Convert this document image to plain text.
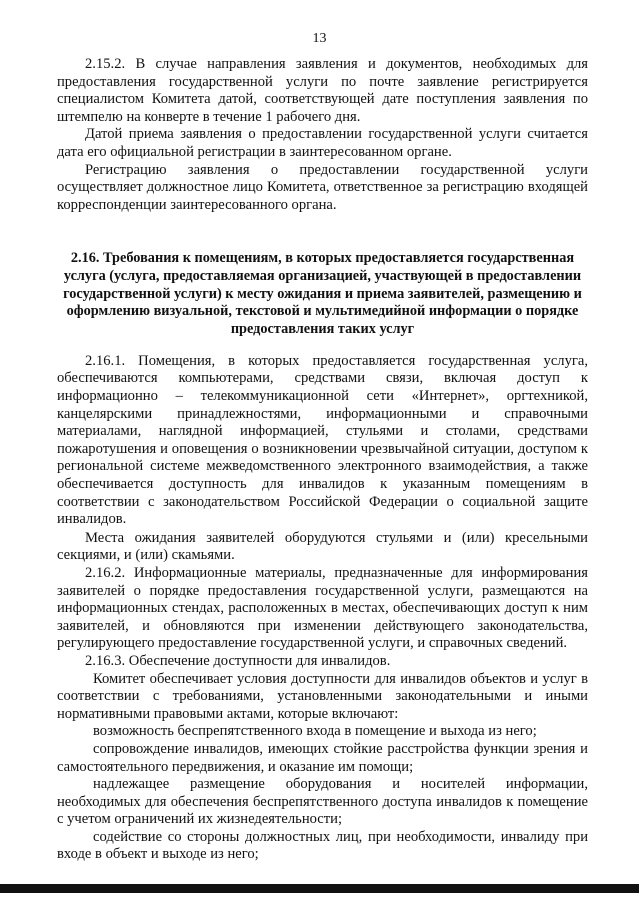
13

2.15.2. В случае направления заявления и документов, необходимых для предоставления государственной услуги по почте заявление регистрируется специалистом Комитета датой, соответствующей дате поступления заявления по штемпелю на конверте в течение 1 рабочего дня.

Датой приема заявления о предоставлении государственной услуги считается дата его официальной регистрации в заинтересованном органе.

Регистрацию заявления о предоставлении государственной услуги осуществляет должностное лицо Комитета, ответственное за регистрацию входящей корреспонденции заинтересованного органа.

2.16. Требования к помещениям, в которых предоставляется государственная услуга (услуга, предоставляемая организацией, участвующей в предоставлении государственной услуги) к месту ожидания и приема заявителей, размещению и оформлению визуальной, текстовой и мультимедийной информации о порядке предоставления таких услуг

2.16.1. Помещения, в которых предоставляется государственная услуга, обеспечиваются компьютерами, средствами связи, включая доступ к информационно – телекоммуникационной сети «Интернет», оргтехникой, канцелярскими принадлежностями, информационными и справочными материалами, наглядной информацией, стульями и столами, средствами пожаротушения и оповещения о возникновении чрезвычайной ситуации, доступом к региональной системе межведомственного электронного взаимодействия, а также обеспечивается доступность для инвалидов к указанным помещениям в соответствии с законодательством Российской Федерации о социальной защите инвалидов.

Места ожидания заявителей оборудуются стульями и (или) кресельными секциями, и (или) скамьями.

2.16.2. Информационные материалы, предназначенные для информирования заявителей о порядке предоставления государственной услуги, размещаются на информационных стендах, расположенных в местах, обеспечивающих доступ к ним заявителей, и обновляются при изменении действующего законодательства, регулирующего предоставление государственной услуги, и справочных сведений.

2.16.3. Обеспечение доступности для инвалидов.

Комитет обеспечивает условия доступности для инвалидов объектов и услуг в соответствии с требованиями, установленными законодательными и иными нормативными правовыми актами, которые включают:

возможность беспрепятственного входа в помещение и выхода из него;

сопровождение инвалидов, имеющих стойкие расстройства функции зрения и самостоятельного передвижения, и оказание им помощи;

надлежащее размещение оборудования и носителей информации, необходимых для обеспечения беспрепятственного доступа инвалидов к помещение с учетом ограничений их жизнедеятельности;

содействие со стороны должностных лиц, при необходимости, инвалиду при входе в объект и выходе из него;
